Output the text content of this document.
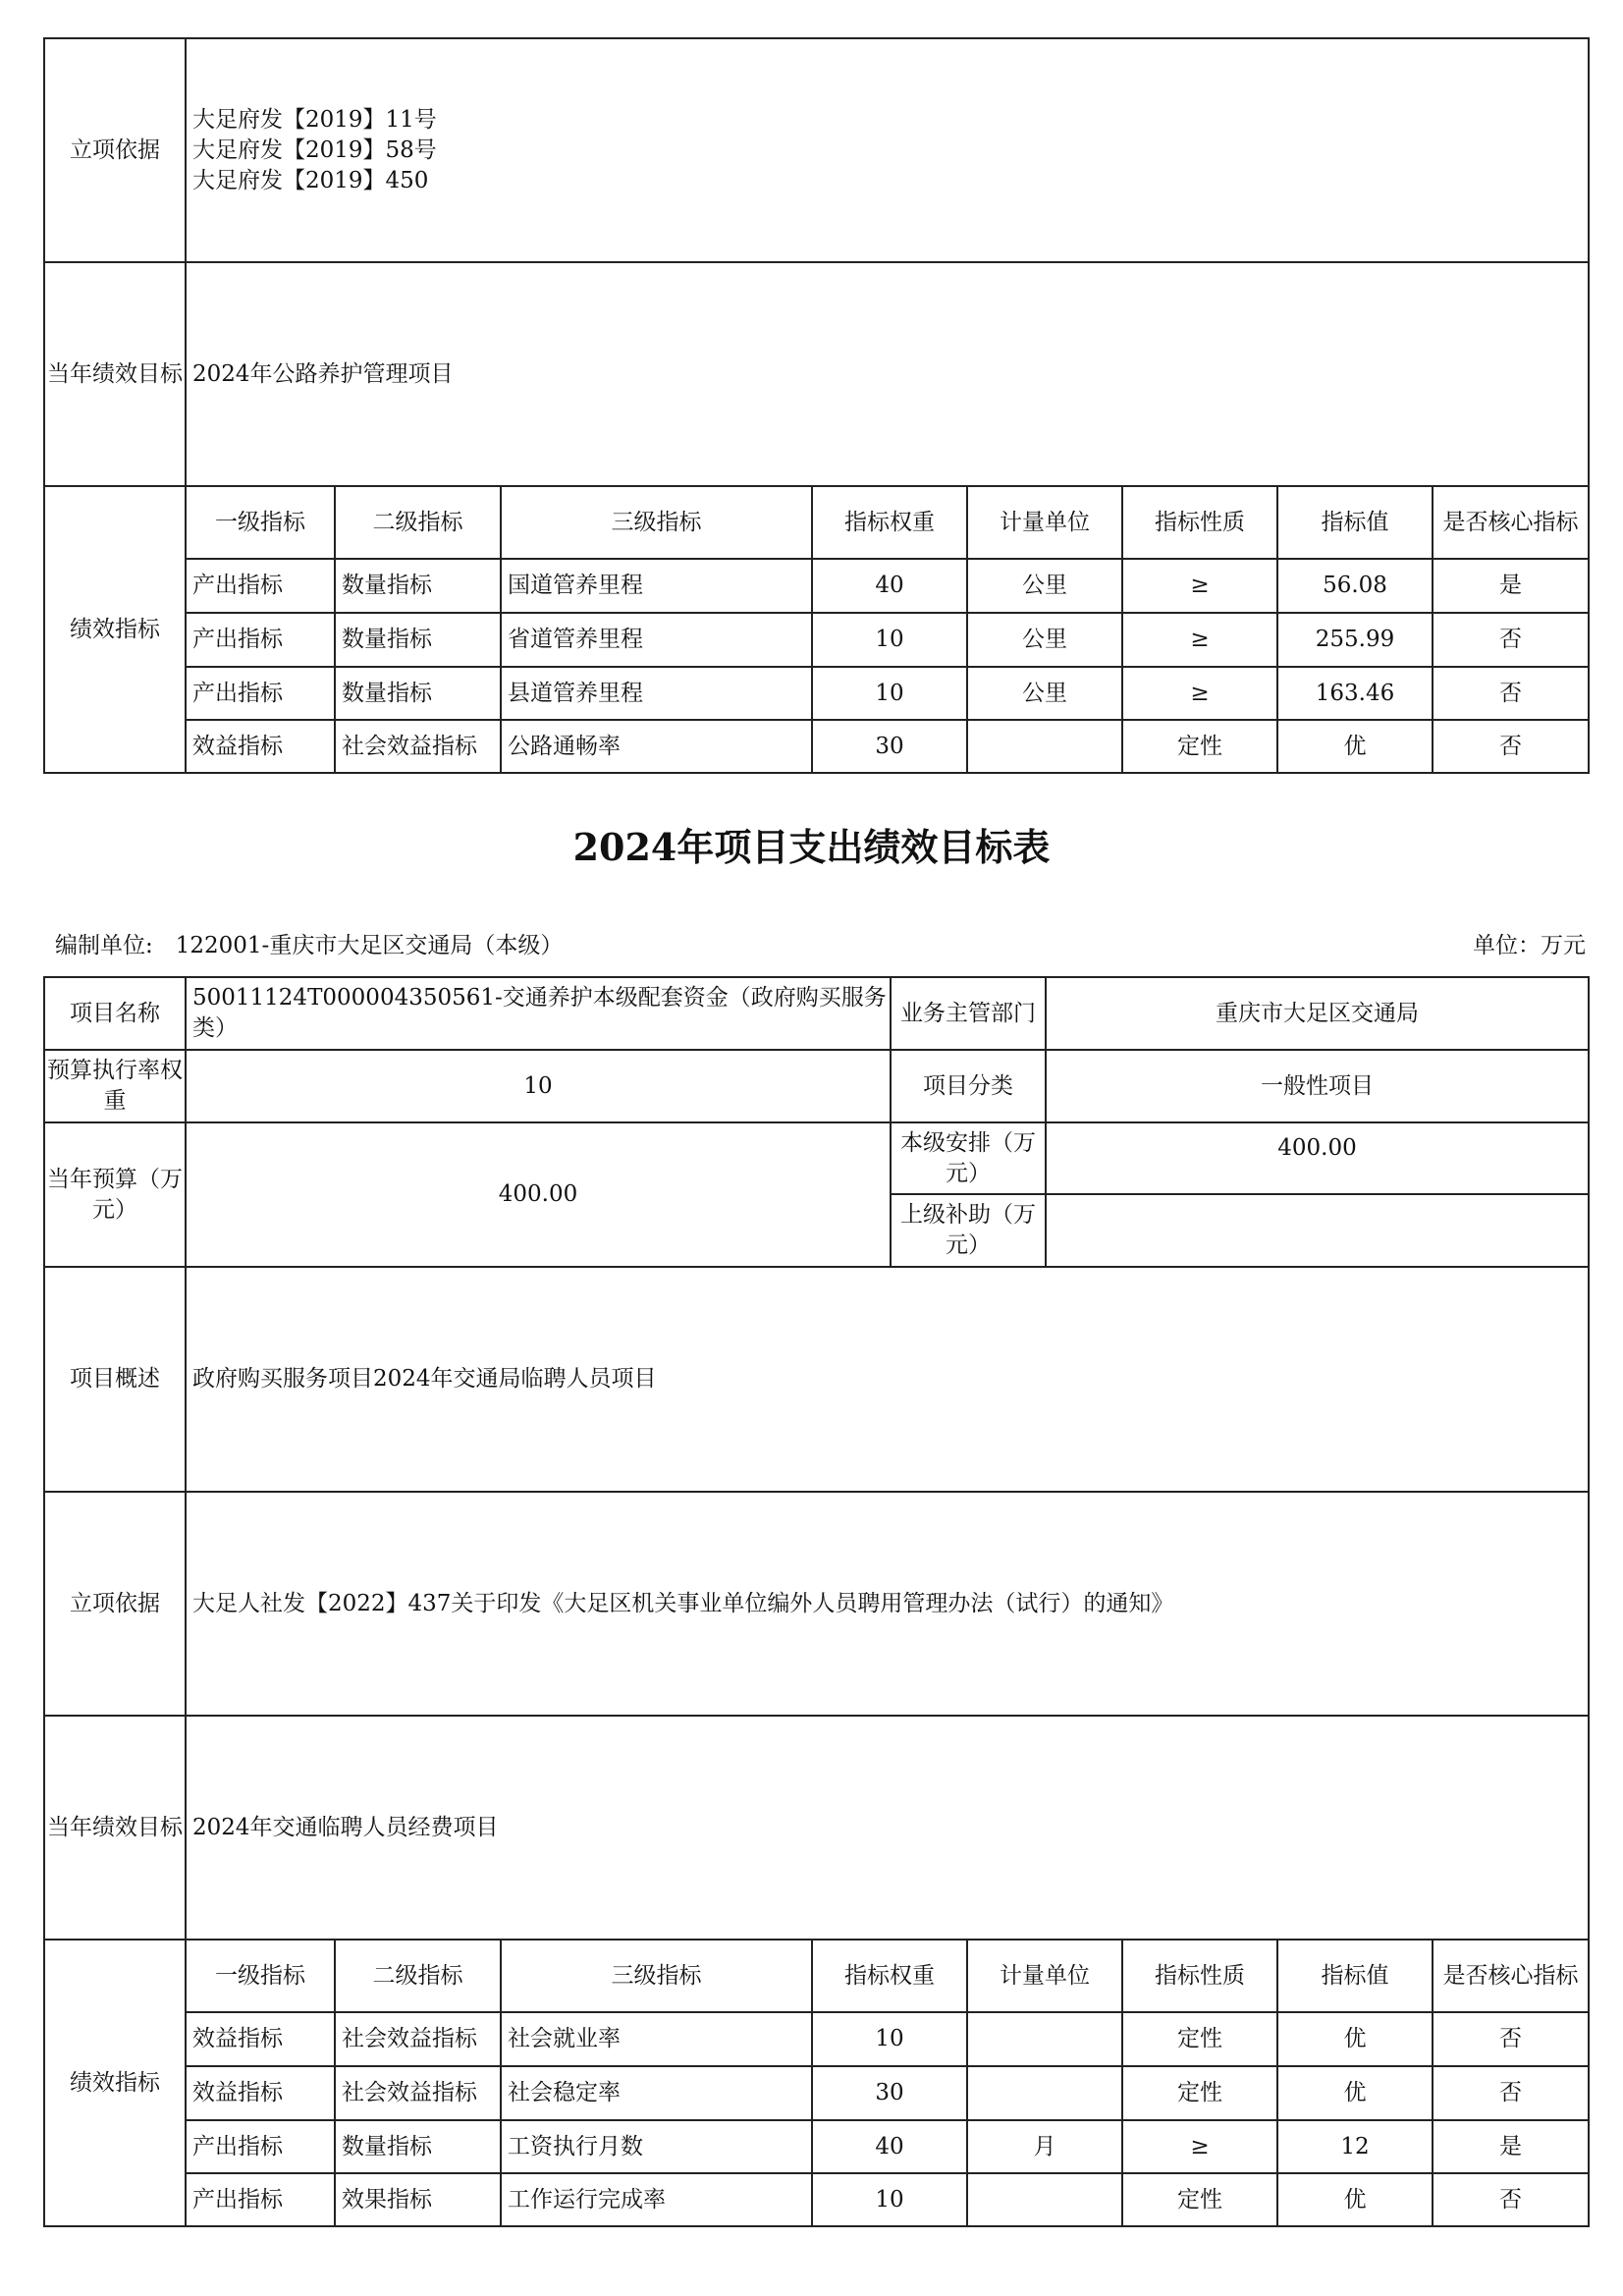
立项依据	大足府发【2019】11号
大足府发【2019】58号
大足府发【2019】450							

当年绩效目标	2024年公路养护管理项目							
绩效指标	一级指标	二级指标	三级指标	指标权重	计量单位	指标性质	指标值	是否核心指标
	产出指标	数量指标	国道管养里程	40	公里	≥	56.08	是
	产出指标	数量指标	省道管养里程	10	公里	≥	255.99	否
	产出指标	数量指标	县道管养里程	10	公里	≥	163.46	否
	效益指标	社会效益指标	公路通畅率	30		定性	优	否
2024年项目支出绩效目标表
编制单位:　122001-重庆市大足区交通局（本级）	单位：万元
项目名称	50011124T000004350561-交通养护本级配套资金（政府购买服务类）				业务主管部门		重庆市大足区交通局			
预算执行率权重	10				项目分类		一般性项目			
当年预算（万元）	400.00				本级安排（万元）		400.00			
					上级补助（万元）					
项目概述	政府购买服务项目2024年交通局临聘人员项目									
立项依据	大足人社发【2022】437关于印发《大足区机关事业单位编外人员聘用管理办法（试行）的通知》									
当年绩效目标	2024年交通临聘人员经费项目									
绩效指标	一级指标	二级指标	三级指标	指标权重		计量单位		指标性质	指标值	是否核心指标
	效益指标	社会效益指标	社会就业率	10				定性	优	否
	效益指标	社会效益指标	社会稳定率	30				定性	优	否
	产出指标	数量指标	工资执行月数	40		月		≥	12	是
	产出指标	效果指标	工作运行完成率	10				定性	优	否
